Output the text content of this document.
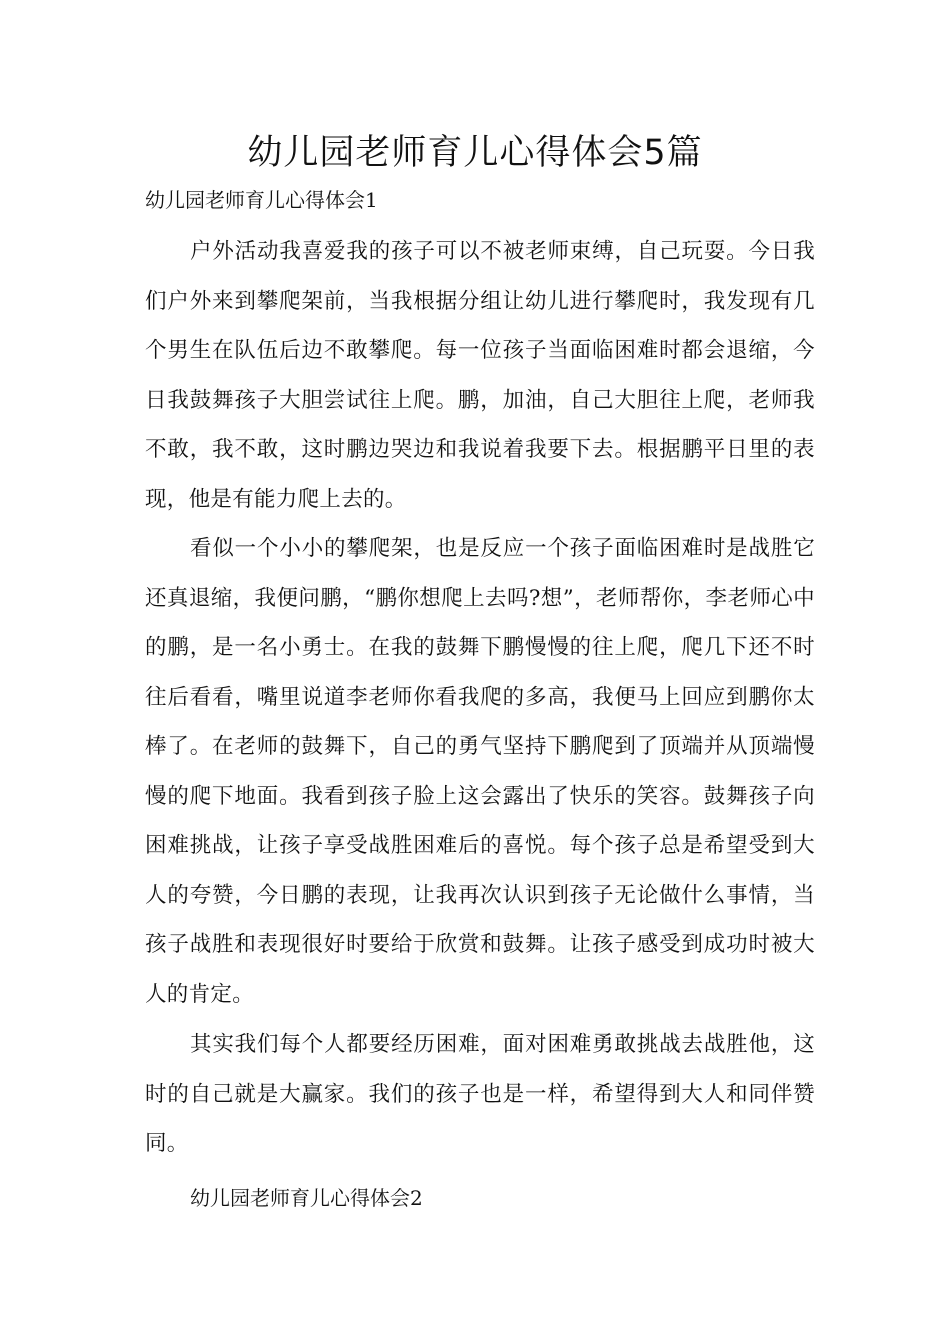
幼儿园老师育儿心得体会5篇
幼儿园老师育儿心得体会1

户外活动我喜爱我的孩子可以不被老师束缚，自己玩耍。今日我们户外来到攀爬架前，当我根据分组让幼儿进行攀爬时，我发现有几个男生在队伍后边不敢攀爬。每一位孩子当面临困难时都会退缩，今日我鼓舞孩子大胆尝试往上爬。鹏，加油，自己大胆往上爬，老师我不敢，我不敢，这时鹏边哭边和我说着我要下去。根据鹏平日里的表现，他是有能力爬上去的。

看似一个小小的攀爬架，也是反应一个孩子面临困难时是战胜它还真退缩，我便问鹏，“鹏你想爬上去吗?想”，老师帮你，李老师心中的鹏，是一名小勇士。在我的鼓舞下鹏慢慢的往上爬，爬几下还不时往后看看，嘴里说道李老师你看我爬的多高，我便马上回应到鹏你太棒了。在老师的鼓舞下，自己的勇气坚持下鹏爬到了顶端并从顶端慢慢的爬下地面。我看到孩子脸上这会露出了快乐的笑容。鼓舞孩子向困难挑战，让孩子享受战胜困难后的喜悦。每个孩子总是希望受到大人的夸赞，今日鹏的表现，让我再次认识到孩子无论做什么事情，当孩子战胜和表现很好时要给于欣赏和鼓舞。让孩子感受到成功时被大人的肯定。

其实我们每个人都要经历困难，面对困难勇敢挑战去战胜他，这时的自己就是大赢家。我们的孩子也是一样，希望得到大人和同伴赞同。

幼儿园老师育儿心得体会2
